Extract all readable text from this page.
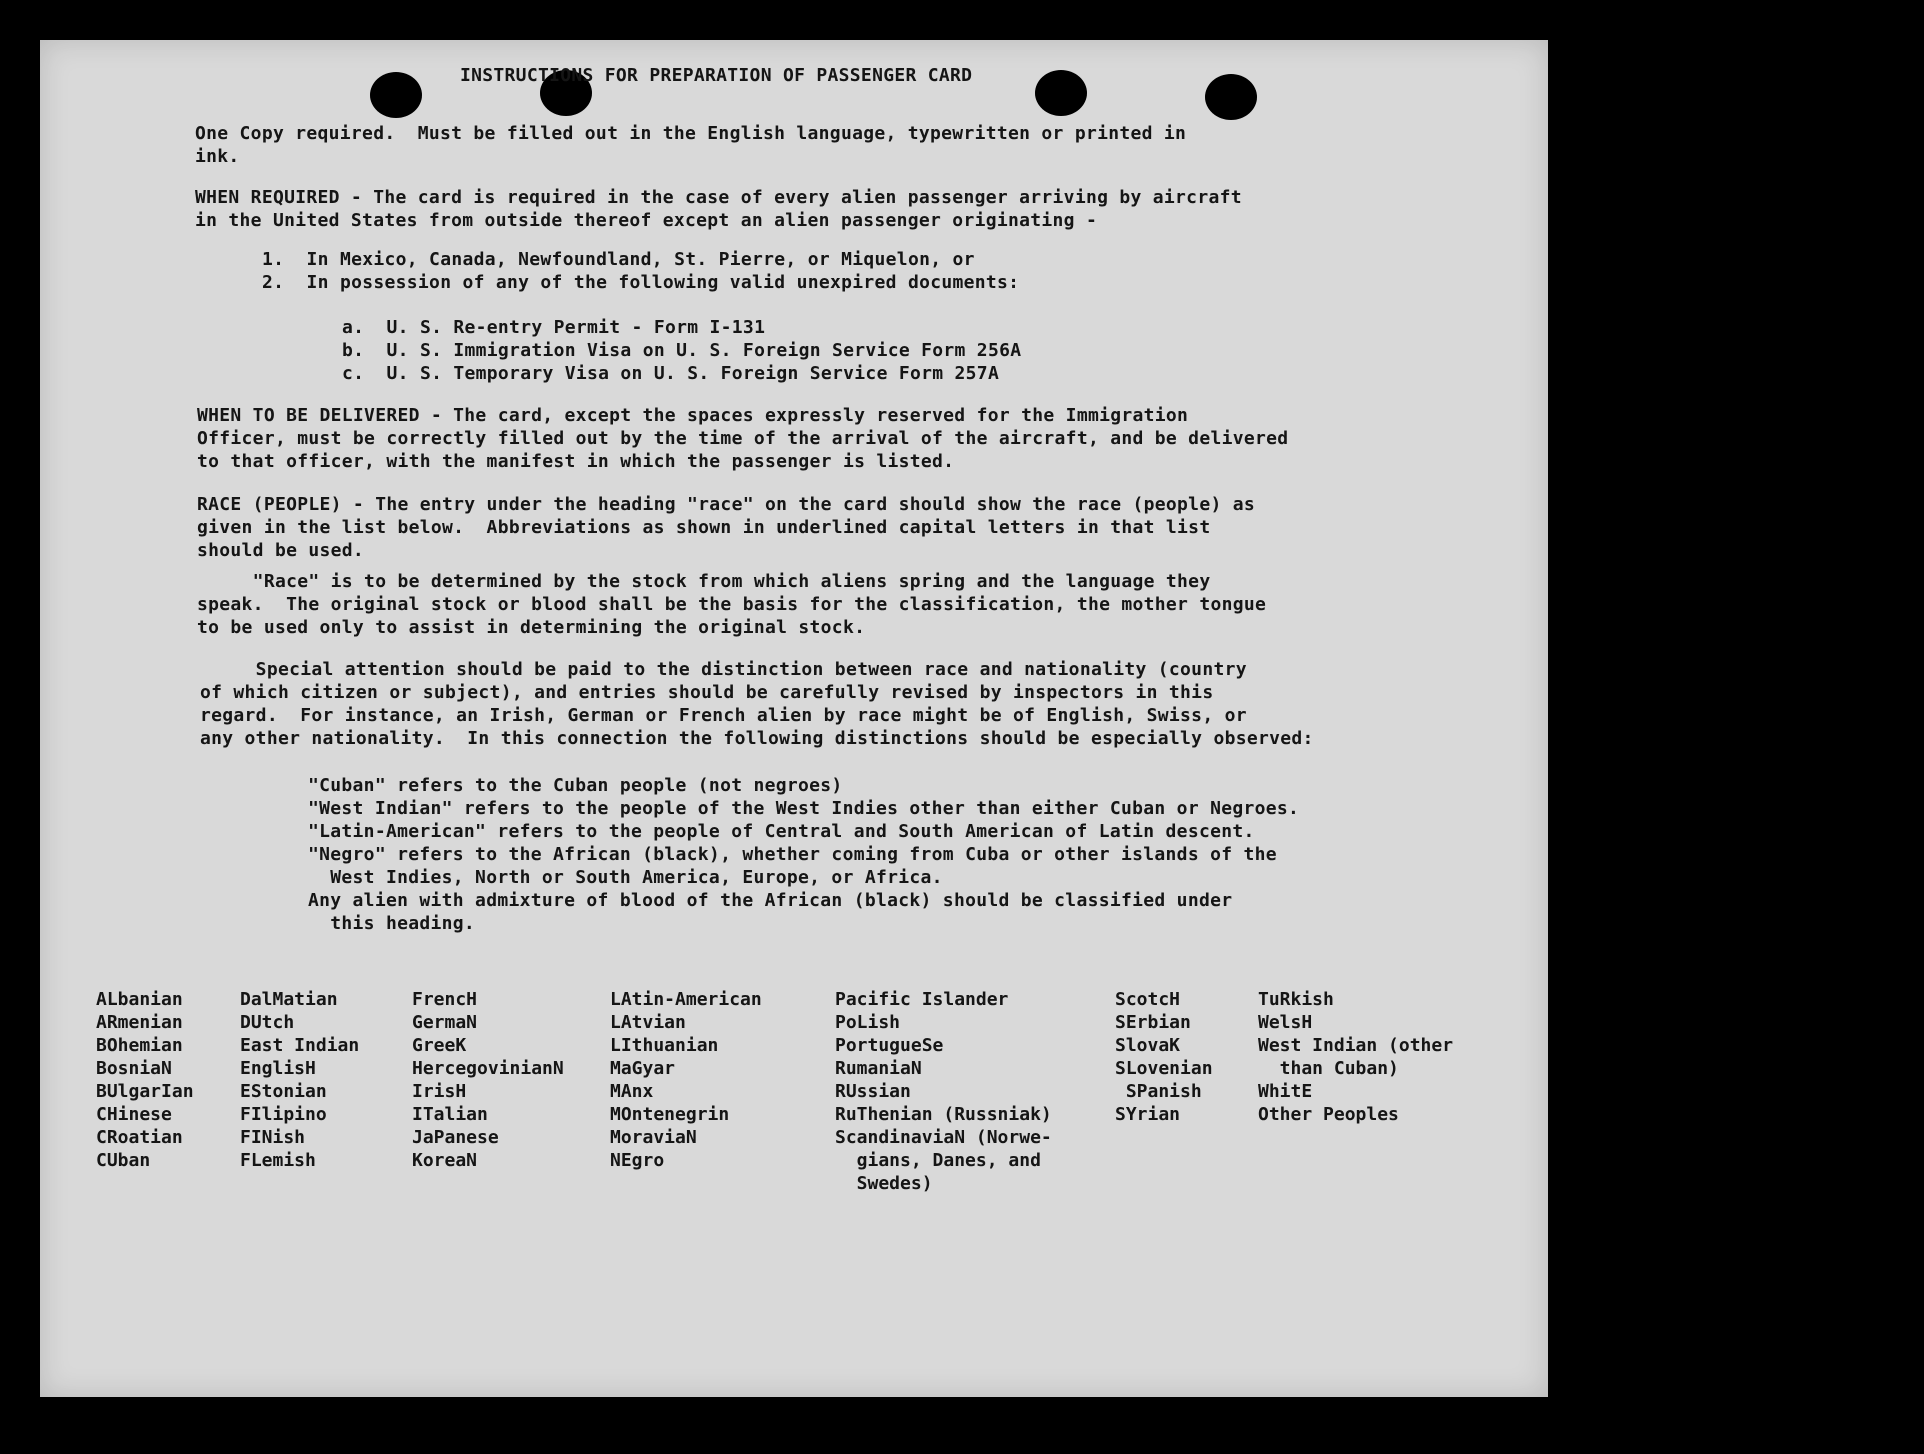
INSTRUCTIONS FOR PREPARATION OF PASSENGER CARD
One Copy required.  Must be filled out in the English language, typewritten or printed in
ink.
WHEN REQUIRED - The card is required in the case of every alien passenger arriving by aircraft
in the United States from outside thereof except an alien passenger originating -
1.  In Mexico, Canada, Newfoundland, St. Pierre, or Miquelon, or
2.  In possession of any of the following valid unexpired documents:
a.  U. S. Re-entry Permit - Form I-131
b.  U. S. Immigration Visa on U. S. Foreign Service Form 256A
c.  U. S. Temporary Visa on U. S. Foreign Service Form 257A
WHEN TO BE DELIVERED - The card, except the spaces expressly reserved for the Immigration
Officer, must be correctly filled out by the time of the arrival of the aircraft, and be delivered
to that officer, with the manifest in which the passenger is listed.
RACE (PEOPLE) - The entry under the heading "race" on the card should show the race (people) as
given in the list below.  Abbreviations as shown in underlined capital letters in that list
should be used.
"Race" is to be determined by the stock from which aliens spring and the language they
speak.  The original stock or blood shall be the basis for the classification, the mother tongue
to be used only to assist in determining the original stock.
Special attention should be paid to the distinction between race and nationality (country
of which citizen or subject), and entries should be carefully revised by inspectors in this
regard.  For instance, an Irish, German or French alien by race might be of English, Swiss, or
any other nationality.  In this connection the following distinctions should be especially observed:
"Cuban" refers to the Cuban people (not negroes)
"West Indian" refers to the people of the West Indies other than either Cuban or Negroes.
"Latin-American" refers to the people of Central and South American of Latin descent.
"Negro" refers to the African (black), whether coming from Cuba or other islands of the
West Indies, North or South America, Europe, or Africa.
Any alien with admixture of blood of the African (black) should be classified under
this heading.
ALbanian
ARmenian
BOhemian
BosniaN
BUlgarIan
CHinese
CRoatian
CUban
DalMatian
DUtch
East Indian
EnglisH
EStonian
FIlipino
FINish
FLemish
FrencH
GermaN
GreeK
HercegovinianN
IrisH
ITalian
JaPanese
KoreaN
LAtin-American
LAtvian
LIthuanian
MaGyar
MAnx
MOntenegrin
MoraviaN
NEgro
Pacific Islander
PoLish
PortugueSe
RumaniaN
RUssian
RuThenian (Russniak)
ScandinaviaN (Norwe-
gians, Danes, and
Swedes)
ScotcH
SErbian
SlovaK
SLovenian
SPanish
SYrian
TuRkish
WelsH
West Indian (other
than Cuban)
WhitE
Other Peoples
